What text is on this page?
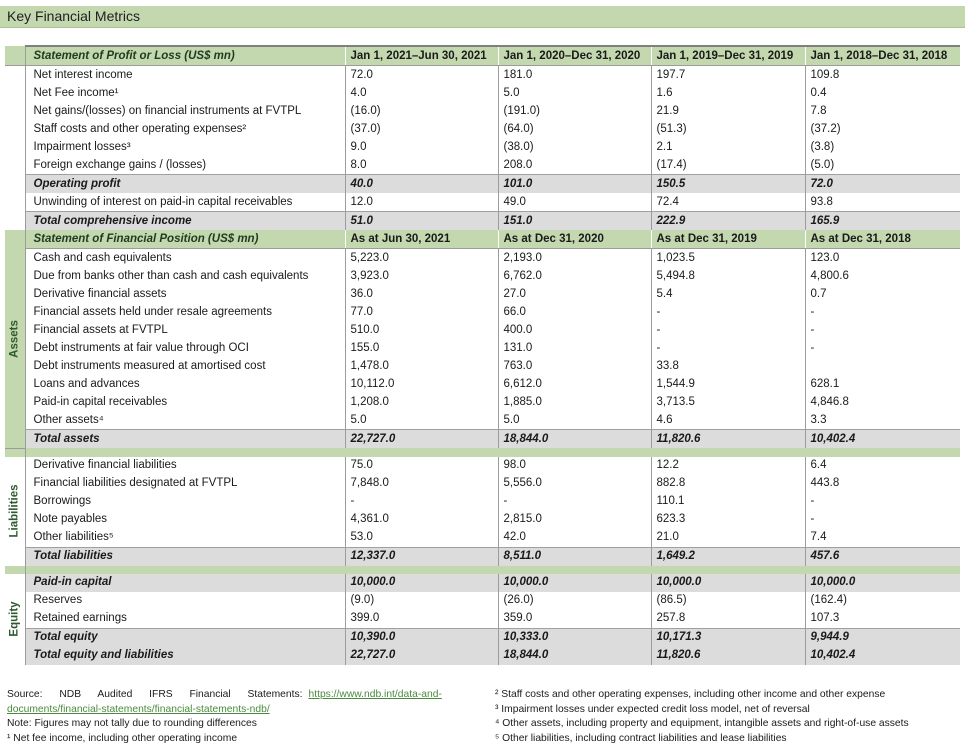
Key Financial Metrics
	Statement of Profit or Loss (US$ mn)	Jan 1, 2021–Jun 30, 2021	Jan 1, 2020–Dec 31, 2020	Jan 1, 2019–Dec 31, 2019	Jan 1, 2018–Dec 31, 2018
	Net interest income	72.0	181.0	197.7	109.8
	Net Fee income¹	4.0	5.0	1.6	0.4
	Net gains/(losses) on financial instruments at FVTPL	(16.0)	(191.0)	21.9	7.8
	Staff costs and other operating expenses²	(37.0)	(64.0)	(51.3)	(37.2)
	Impairment losses³	9.0	(38.0)	2.1	(3.8)
	Foreign exchange gains / (losses)	8.0	208.0	(17.4)	(5.0)
	Operating profit	40.0	101.0	150.5	72.0
	Unwinding of interest on paid-in capital receivables	12.0	49.0	72.4	93.8
	Total comprehensive income	51.0	151.0	222.9	165.9

Assets	Statement of Financial Position (US$ mn)	As at Jun 30, 2021	As at Dec 31, 2020	As at Dec 31, 2019	As at Dec 31, 2018
	Cash and cash equivalents	5,223.0	2,193.0	1,023.5	123.0
	Due from banks other than cash and cash equivalents	3,923.0	6,762.0	5,494.8	4,800.6
	Derivative financial assets	36.0	27.0	5.4	0.7
	Financial assets held under resale agreements	77.0	66.0	-	-
	Financial assets at FVTPL	510.0	400.0	-	-
	Debt instruments at fair value through OCI	155.0	131.0	-	-
	Debt instruments measured at amortised cost	1,478.0	763.0	33.8	
	Loans and advances	10,112.0	6,612.0	1,544.9	628.1
	Paid-in capital receivables	1,208.0	1,885.0	3,713.5	4,846.8
	Other assets⁴	5.0	5.0	4.6	3.3
	Total assets	22,727.0	18,844.0	11,820.6	10,402.4

Liabilities	Derivative financial liabilities	75.0	98.0	12.2	6.4
	Financial liabilities designated at FVTPL	7,848.0	5,556.0	882.8	443.8
	Borrowings	-	-	110.1	-
	Note payables	4,361.0	2,815.0	623.3	-
	Other liabilities⁵	53.0	42.0	21.0	7.4
	Total liabilities	12,337.0	8,511.0	1,649.2	457.6

Equity	Paid-in capital	10,000.0	10,000.0	10,000.0	10,000.0
	Reserves	(9.0)	(26.0)	(86.5)	(162.4)
	Retained earnings	399.0	359.0	257.8	107.3
	Total equity	10,390.0	10,333.0	10,171.3	9,944.9
	Total equity and liabilities	22,727.0	18,844.0	11,820.6	10,402.4
Source: NDB Audited IFRS Financial Statements: https://www.ndb.int/data-and-
documents/financial-statements/financial-statements-ndb/
Note: Figures may not tally due to rounding differences
¹ Net fee income, including other operating income
² Staff costs and other operating expenses, including other income and other expense
³ Impairment losses under expected credit loss model, net of reversal
⁴ Other assets, including property and equipment, intangible assets and right-of-use assets
⁵ Other liabilities, including contract liabilities and lease liabilities
